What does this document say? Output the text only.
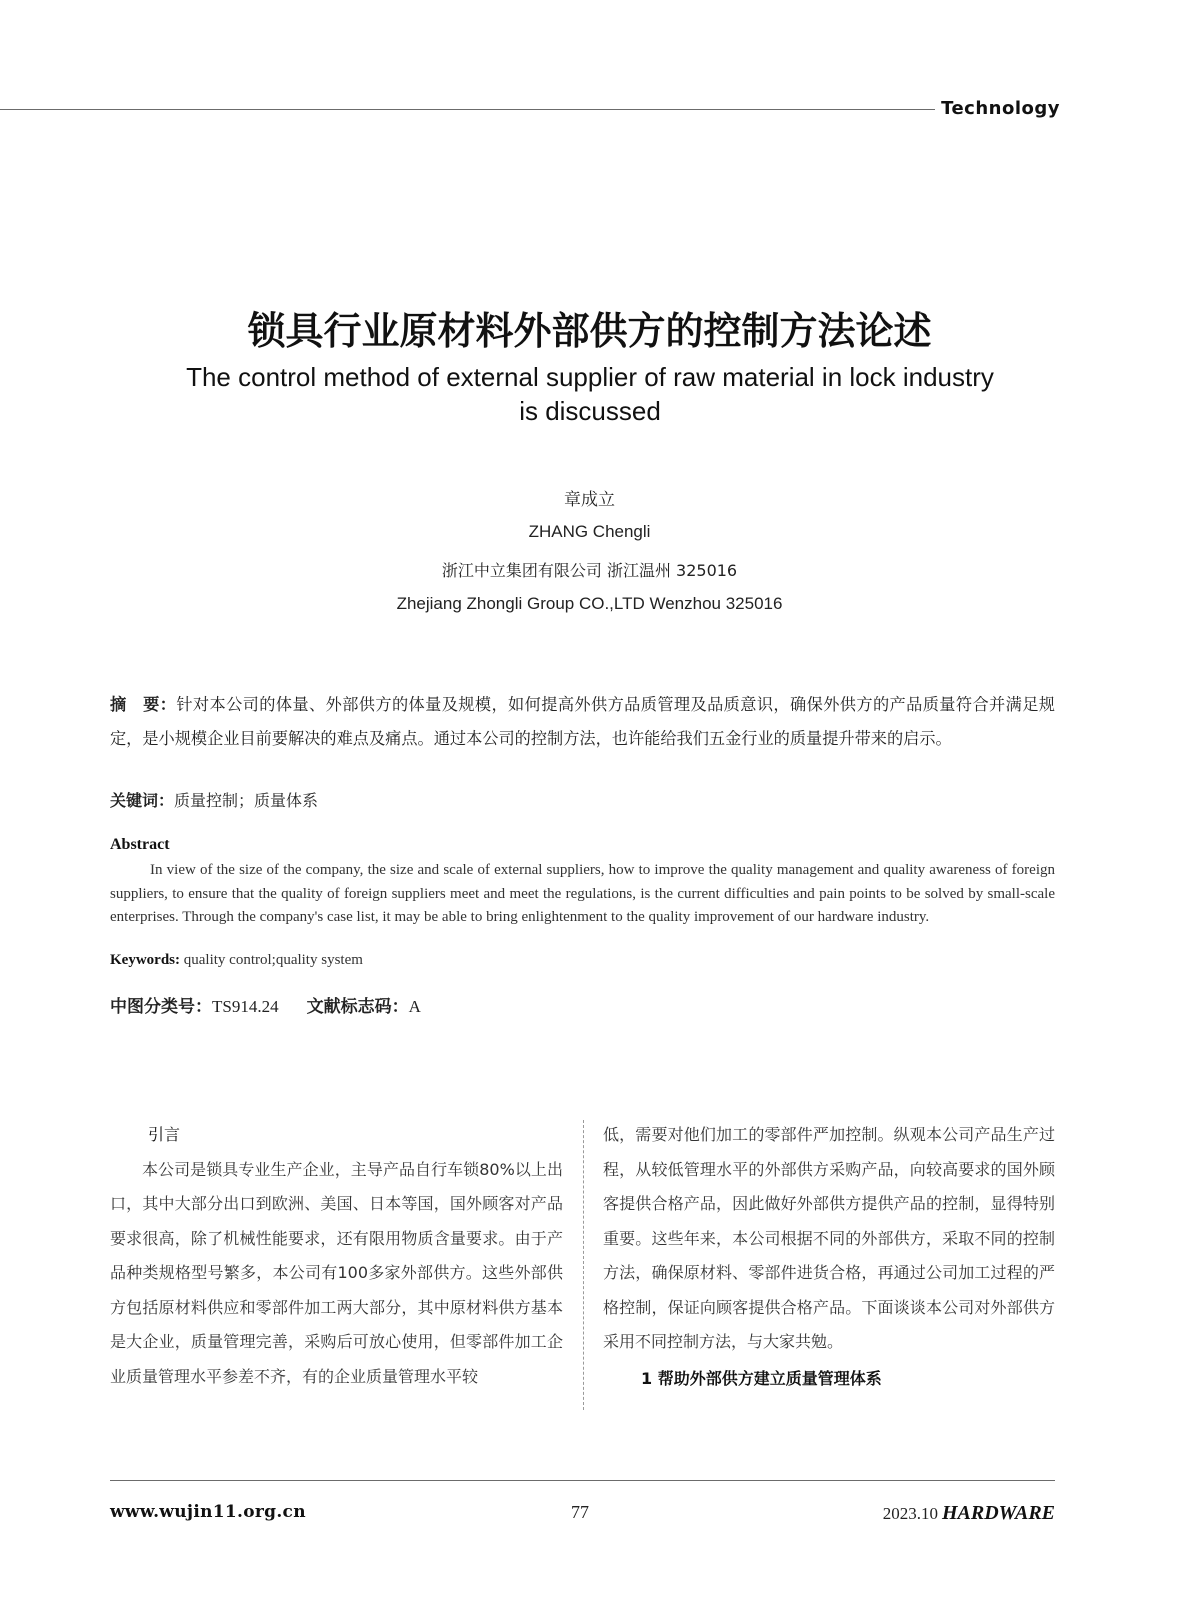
Technology
锁具行业原材料外部供方的控制方法论述
The control method of external supplier of raw material in lock industry
is discussed
章成立
ZHANG Chengli
浙江中立集团有限公司 浙江温州 325016
Zhejiang Zhongli Group CO.,LTD Wenzhou 325016
摘　要：针对本公司的体量、外部供方的体量及规模，如何提高外供方品质管理及品质意识，确保外供方的产品质量符合并满足规定，是小规模企业目前要解决的难点及痛点。通过本公司的控制方法，也许能给我们五金行业的质量提升带来的启示。
关键词：质量控制；质量体系
Abstract
In view of the size of the company, the size and scale of external suppliers, how to improve the quality management and quality awareness of foreign suppliers, to ensure that the quality of foreign suppliers meet and meet the regulations, is the current difficulties and pain points to be solved by small-scale enterprises. Through the company's case list, it may be able to bring enlightenment to the quality improvement of our hardware industry.
Keywords: quality control;quality system
中图分类号：TS914.24 文献标志码：A

引言

本公司是锁具专业生产企业，主导产品自行车锁80%以上出口，其中大部分出口到欧洲、美国、日本等国，国外顾客对产品要求很高，除了机械性能要求，还有限用物质含量要求。由于产品种类规格型号繁多，本公司有100多家外部供方。这些外部供方包括原材料供应和零部件加工两大部分，其中原材料供方基本是大企业，质量管理完善，采购后可放心使用，但零部件加工企业质量管理水平参差不齐，有的企业质量管理水平较

低，需要对他们加工的零部件严加控制。纵观本公司产品生产过程，从较低管理水平的外部供方采购产品，向较高要求的国外顾客提供合格产品，因此做好外部供方提供产品的控制，显得特别重要。这些年来，本公司根据不同的外部供方，采取不同的控制方法，确保原材料、零部件进货合格，再通过公司加工过程的严格控制，保证向顾客提供合格产品。下面谈谈本公司对外部供方采用不同控制方法，与大家共勉。

1 帮助外部供方建立质量管理体系

www.wujin11.org.cn	77	2023.10 HARDWARE
